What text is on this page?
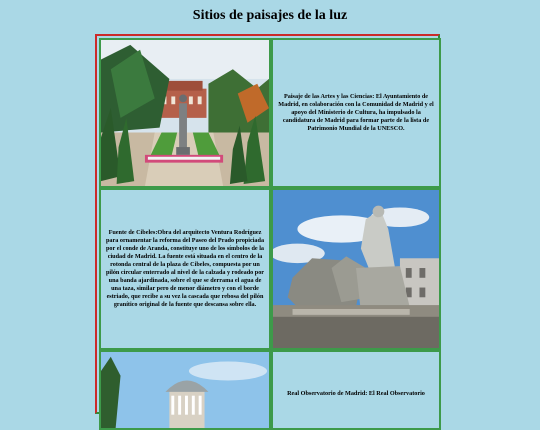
Sitios de paisajes de la luz
Paisaje de las Artes y las Ciencias: El Ayuntamiento de Madrid, en colaboración con la Comunidad de Madrid y el apoyo del Ministerio de Cultura, ha impulsado la candidatura de Madrid para formar parte de la lista de Patrimonio Mundial de la UNESCO.
Fuente de Cibeles:Obra del arquitecto Ventura Rodríguez para ornamentar la reforma del Paseo del Prado propiciada por el conde de Aranda, constituye uno de los símbolos de la ciudad de Madrid. La fuente está situada en el centro de la rotonda central de la plaza de Cibeles, compuesta por un pilón circular enterrado al nivel de la calzada y rodeado por una banda ajardinada, sobre el que se derrama el agua de una taza, similar pero de menor diámetro y con el borde estriado, que recibe a su vez la cascada que rebosa del pilón granítico original de la fuente que descansa sobre ella.
Real Observatorio de Madrid: El Real Observatorio
